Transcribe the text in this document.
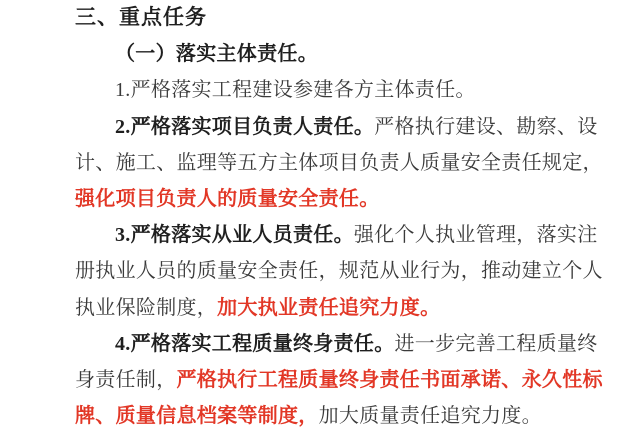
三、重点任务
（一）落实主体责任。
1.严格落实工程建设参建各方主体责任。
2.严格落实项目负责人责任。严格执行建设、勘察、设
计、施工、监理等五方主体项目负责人质量安全责任规定，
强化项目负责人的质量安全责任。
3.严格落实从业人员责任。强化个人执业管理，落实注
册执业人员的质量安全责任，规范从业行为，推动建立个人
执业保险制度，加大执业责任追究力度。
4.严格落实工程质量终身责任。进一步完善工程质量终
身责任制，严格执行工程质量终身责任书面承诺、永久性标
牌、质量信息档案等制度，加大质量责任追究力度。
